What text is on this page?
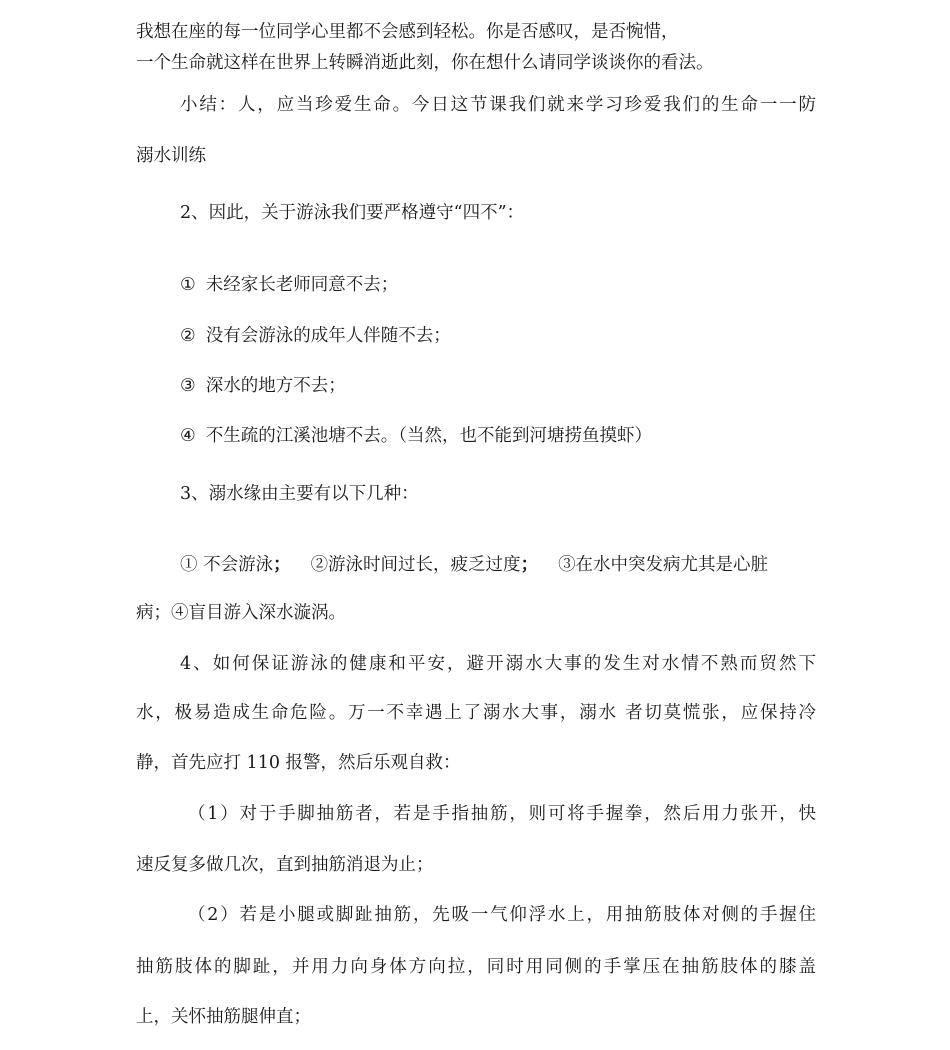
我想在座的每一位同学心里都不会感到轻松。你是否感叹，是否惋惜，
一个生命就这样在世界上转瞬消逝此刻，你在想什么请同学谈谈你的看法。
小结：人，应当珍爱生命。今日这节课我们就来学习珍爱我们的生命一一防
溺水训练
2、因此，关于游泳我们要严格遵守“四不”：
① 未经家长老师同意不去；
② 没有会游泳的成年人伴随不去；
③ 深水的地方不去；
④ 不生疏的江溪池塘不去。（当然，也不能到河塘捞鱼摸虾）
3、溺水缘由主要有以下几种：
① 不会游泳； ②游泳时间过长，疲乏过度； ③在水中突发病尤其是心脏
病；④盲目游入深水漩涡。
4、如何保证游泳的健康和平安，避开溺水大事的发生对水情不熟而贸然下
水，极易造成生命危险。万一不幸遇上了溺水大事，溺水 者切莫慌张，应保持冷
静，首先应打 110 报警，然后乐观自救：
（1）对于手脚抽筋者，若是手指抽筋，则可将手握拳，然后用力张开，快
速反复多做几次，直到抽筋消退为止；
（2）若是小腿或脚趾抽筋，先吸一气仰浮水上，用抽筋肢体对侧的手握住
抽筋肢体的脚趾，并用力向身体方向拉，同时用同侧的手掌压在抽筋肢体的膝盖
上，关怀抽筋腿伸直；
